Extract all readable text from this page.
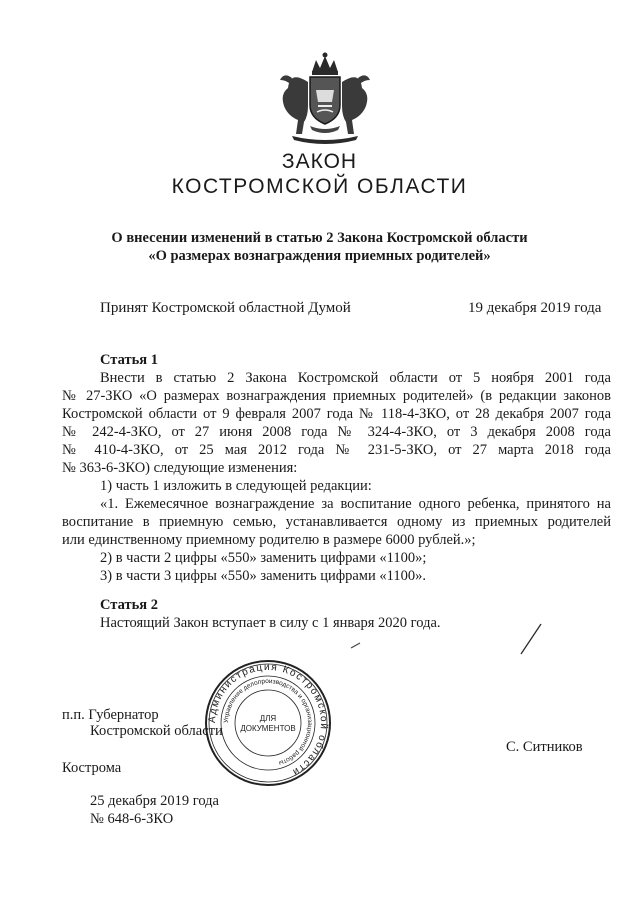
ЗАКОН
КОСТРОМСКОЙ ОБЛАСТИ
О внесении изменений в статью 2 Закона Костромской области
«О размерах вознаграждения приемных родителей»
Принят Костромской областной Думой	19 декабря 2019 года
Статья 1
Внести в статью 2 Закона Костромской области от 5 ноября 2001 года
№ 27-ЗКО «О размерах вознаграждения приемных родителей» (в редакции законов
Костромской области от 9 февраля 2007 года № 118-4-ЗКО, от 28 декабря 2007 года
№ 242-4-ЗКО, от 27 июня 2008 года № 324-4-ЗКО, от 3 декабря 2008 года
№ 410-4-ЗКО, от 25 мая 2012 года № 231-5-ЗКО, от 27 марта 2018 года
№ 363-6-ЗКО) следующие изменения:
1) часть 1 изложить в следующей редакции:
«1. Ежемесячное вознаграждение за воспитание одного ребенка, принятого на
воспитание в приемную семью, устанавливается одному из приемных родителей
или единственному приемному родителю в размере 6000 рублей.»;
2) в части 2 цифры «550» заменить цифрами «1100»;
3) в части 3 цифры «550» заменить цифрами «1100».
Статья 2
Настоящий Закон вступает в силу с 1 января 2020 года.
Администрация Костромской области
Управление делопроизводства и организационной работы
ДЛЯ
ДОКУМЕНТОВ
п.п. Губернатор
Костромской области
С. Ситников
Кострома
25 декабря 2019 года
№ 648-6-ЗКО
